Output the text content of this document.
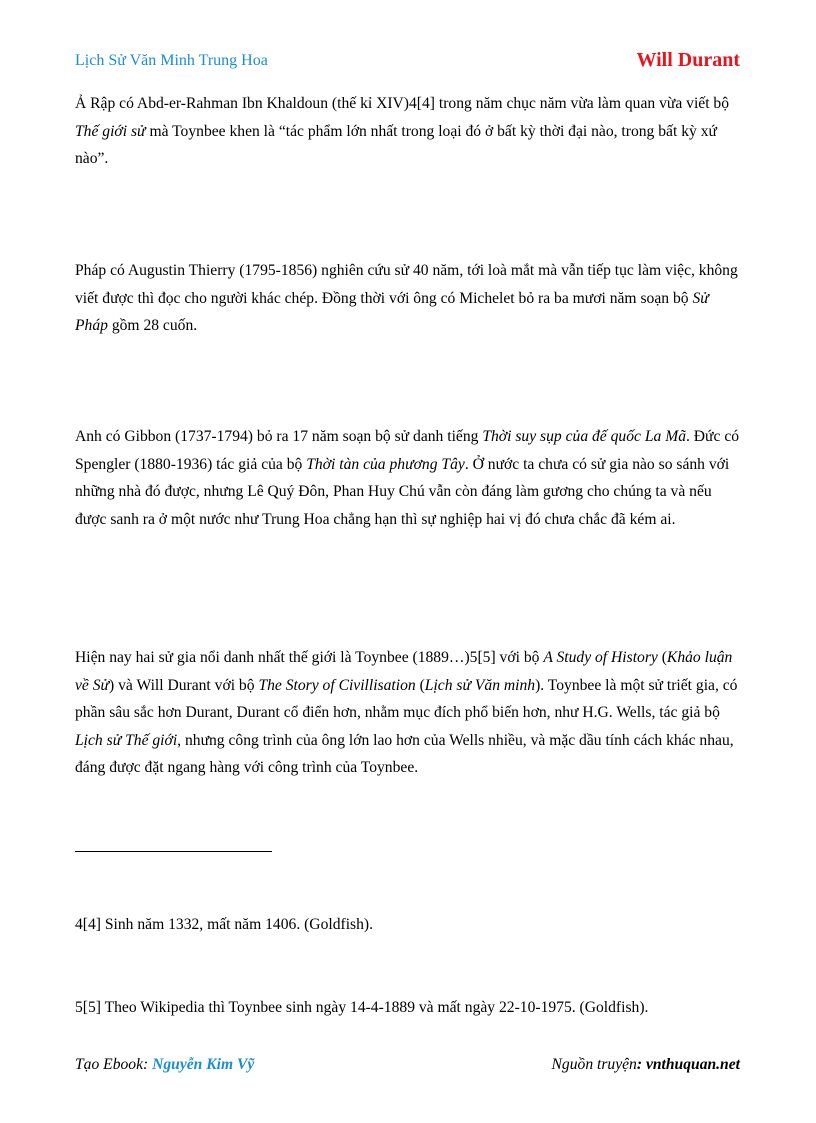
Lịch Sử Văn Minh Trung Hoa	Will Durant
Ả Rập có Abd-er-Rahman Ibn Khaldoun (thế kỉ XIV)4[4] trong năm chục năm vừa làm quan vừa viết bộ Thế giới sử mà Toynbee khen là “tác phẩm lớn nhất trong loại đó ở bất kỳ thời đại nào, trong bất kỳ xứ nào”.
Pháp có Augustin Thierry (1795-1856) nghiên cứu sử 40 năm, tới loà mắt mà vẫn tiếp tục làm việc, không viết được thì đọc cho người khác chép. Đồng thời với ông có Michelet bỏ ra ba mươi năm soạn bộ Sử Pháp gồm 28 cuốn.
Anh có Gibbon (1737-1794) bỏ ra 17 năm soạn bộ sử danh tiếng Thời suy sụp của đế quốc La Mã. Đức có Spengler (1880-1936) tác giả của bộ Thời tàn của phương Tây. Ở nước ta chưa có sử gia nào so sánh với những nhà đó được, nhưng Lê Quý Đôn, Phan Huy Chú vẫn còn đáng làm gương cho chúng ta và nếu được sanh ra ở một nước như Trung Hoa chẳng hạn thì sự nghiệp hai vị đó chưa chắc đã kém ai.
Hiện nay hai sử gia nổi danh nhất thế giới là Toynbee (1889…)5[5] với bộ A Study of History (Khảo luận về Sử) và Will Durant với bộ The Story of Civillisation (Lịch sử Văn minh). Toynbee là một sử triết gia, có phần sâu sắc hơn Durant, Durant cổ điển hơn, nhằm mục đích phổ biến hơn, như H.G. Wells, tác giả bộ Lịch sử Thế giới, nhưng công trình của ông lớn lao hơn của Wells nhiều, và mặc dầu tính cách khác nhau, đáng được đặt ngang hàng với công trình của Toynbee.
4[4] Sinh năm 1332, mất năm 1406. (Goldfish).
5[5] Theo Wikipedia thì Toynbee sinh ngày 14-4-1889 và mất ngày 22-10-1975. (Goldfish).
Tạo Ebook: Nguyễn Kim Vỹ	Nguồn truyện: vnthuquan.net
